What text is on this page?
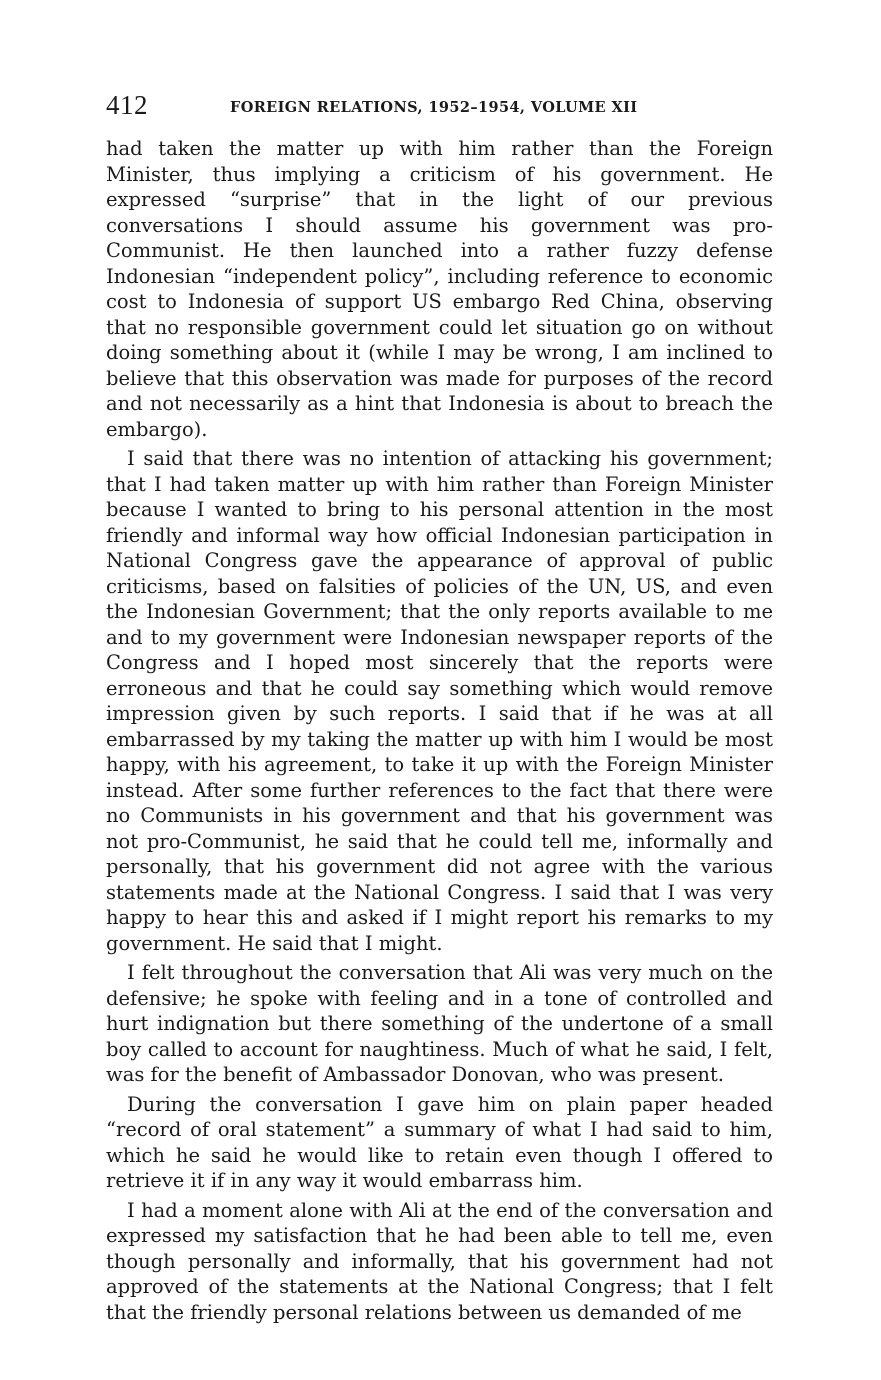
412	FOREIGN RELATIONS, 1952–1954, VOLUME XII

had taken the matter up with him rather than the Foreign Minister, thus implying a criticism of his government. He expressed “surprise” that in the light of our previous conversations I should assume his government was pro-Communist. He then launched into a rather fuzzy defense Indonesian “independent policy”, including reference to economic cost to Indonesia of support US embargo Red China, observing that no responsible government could let situation go on without doing something about it (while I may be wrong, I am inclined to believe that this observation was made for purposes of the record and not necessarily as a hint that Indonesia is about to breach the embargo).

I said that there was no intention of attacking his government; that I had taken matter up with him rather than Foreign Minister because I wanted to bring to his personal attention in the most friendly and informal way how official Indonesian participation in National Congress gave the appearance of approval of public criticisms, based on falsities of policies of the UN, US, and even the Indonesian Government; that the only reports available to me and to my government were Indonesian newspaper reports of the Congress and I hoped most sincerely that the reports were erroneous and that he could say something which would remove impression given by such reports. I said that if he was at all embarrassed by my taking the matter up with him I would be most happy, with his agreement, to take it up with the Foreign Minister instead. After some further references to the fact that there were no Communists in his government and that his government was not pro-Communist, he said that he could tell me, informally and personally, that his government did not agree with the various statements made at the National Congress. I said that I was very happy to hear this and asked if I might report his remarks to my government. He said that I might.

I felt throughout the conversation that Ali was very much on the defensive; he spoke with feeling and in a tone of controlled and hurt indignation but there something of the undertone of a small boy called to account for naughtiness. Much of what he said, I felt, was for the benefit of Ambassador Donovan, who was present.

During the conversation I gave him on plain paper headed “record of oral statement” a summary of what I had said to him, which he said he would like to retain even though I offered to retrieve it if in any way it would embarrass him.

I had a moment alone with Ali at the end of the conversation and expressed my satisfaction that he had been able to tell me, even though personally and informally, that his government had not approved of the statements at the National Congress; that I felt that the friendly personal relations between us demanded of me
